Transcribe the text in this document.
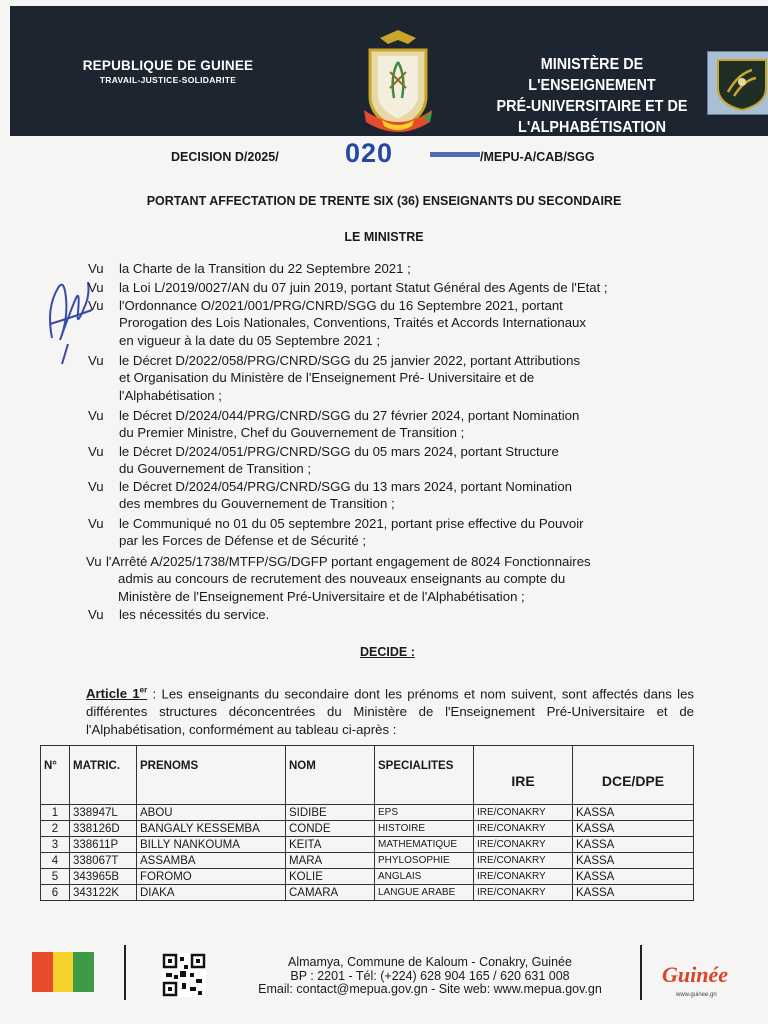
REPUBLIQUE DE GUINEE
TRAVAIL-JUSTICE-SOLIDARITE
MINISTÈRE DE L'ENSEIGNEMENT
PRÉ-UNIVERSITAIRE ET DE
L'ALPHABÉTISATION
DECISION D/2025/ 020	/MEPU-A/CAB/SGG
PORTANT AFFECTATION DE TRENTE SIX (36) ENSEIGNANTS DU SECONDAIRE
LE MINISTRE
Vu la Charte de la Transition du 22 Septembre 2021 ;
Vu la Loi L/2019/0027/AN du 07 juin 2019, portant Statut Général des Agents de l'Etat ;
Vu l'Ordonnance O/2021/001/PRG/CNRD/SGG du 16 Septembre 2021, portant
Prorogation des Lois Nationales, Conventions, Traités et Accords Internationaux
en vigueur à la date du 05 Septembre 2021 ;
Vu le Décret D/2022/058/PRG/CNRD/SGG du 25 janvier 2022, portant Attributions
et Organisation du Ministère de l'Enseignement Pré- Universitaire et de
l'Alphabétisation ;
Vu le Décret D/2024/044/PRG/CNRD/SGG du 27 février 2024, portant Nomination
du Premier Ministre, Chef du Gouvernement de Transition ;
Vu le Décret D/2024/051/PRG/CNRD/SGG du 05 mars 2024, portant Structure
du Gouvernement de Transition ;
Vu le Décret D/2024/054/PRG/CNRD/SGG du 13 mars 2024, portant Nomination
des membres du Gouvernement de Transition ;
Vu le Communiqué no 01 du 05 septembre 2021, portant prise effective du Pouvoir
par les Forces de Défense et de Sécurité ;
Vu l'Arrêté A/2025/1738/MTFP/SG/DGFP portant engagement de 8024 Fonctionnaires
admis au concours de recrutement des nouveaux enseignants au compte du
Ministère de l'Enseignement Pré-Universitaire et de l'Alphabétisation ;
Vu les nécessités du service.
DECIDE :
Article 1er : Les enseignants du secondaire dont les prénoms et nom suivent, sont affectés dans les différentes structures déconcentrées du Ministère de l'Enseignement Pré-Universitaire et de l'Alphabétisation, conformément au tableau ci-après :
N°	MATRIC.	PRENOMS	NOM	SPECIALITES	IRE	DCE/DPE
1	338947L	ABOU	SIDIBE	EPS	IRE/CONAKRY	KASSA
2	338126D	BANGALY KESSEMBA	CONDE	HISTOIRE	IRE/CONAKRY	KASSA
3	338611P	BILLY NANKOUMA	KEITA	MATHEMATIQUE	IRE/CONAKRY	KASSA
4	338067T	ASSAMBA	MARA	PHYLOSOPHIE	IRE/CONAKRY	KASSA
5	343965B	FOROMO	KOLIE	ANGLAIS	IRE/CONAKRY	KASSA
6	343122K	DIAKA	CAMARA	LANGUE ARABE	IRE/CONAKRY	KASSA
Almamya, Commune de Kaloum - Conakry, Guinée
BP : 2201 - Tél: (+224) 628 904 165 / 620 631 008
Email: contact@mepua.gov.gn - Site web: www.mepua.gov.gn
Guinée
www.guinee.gn
